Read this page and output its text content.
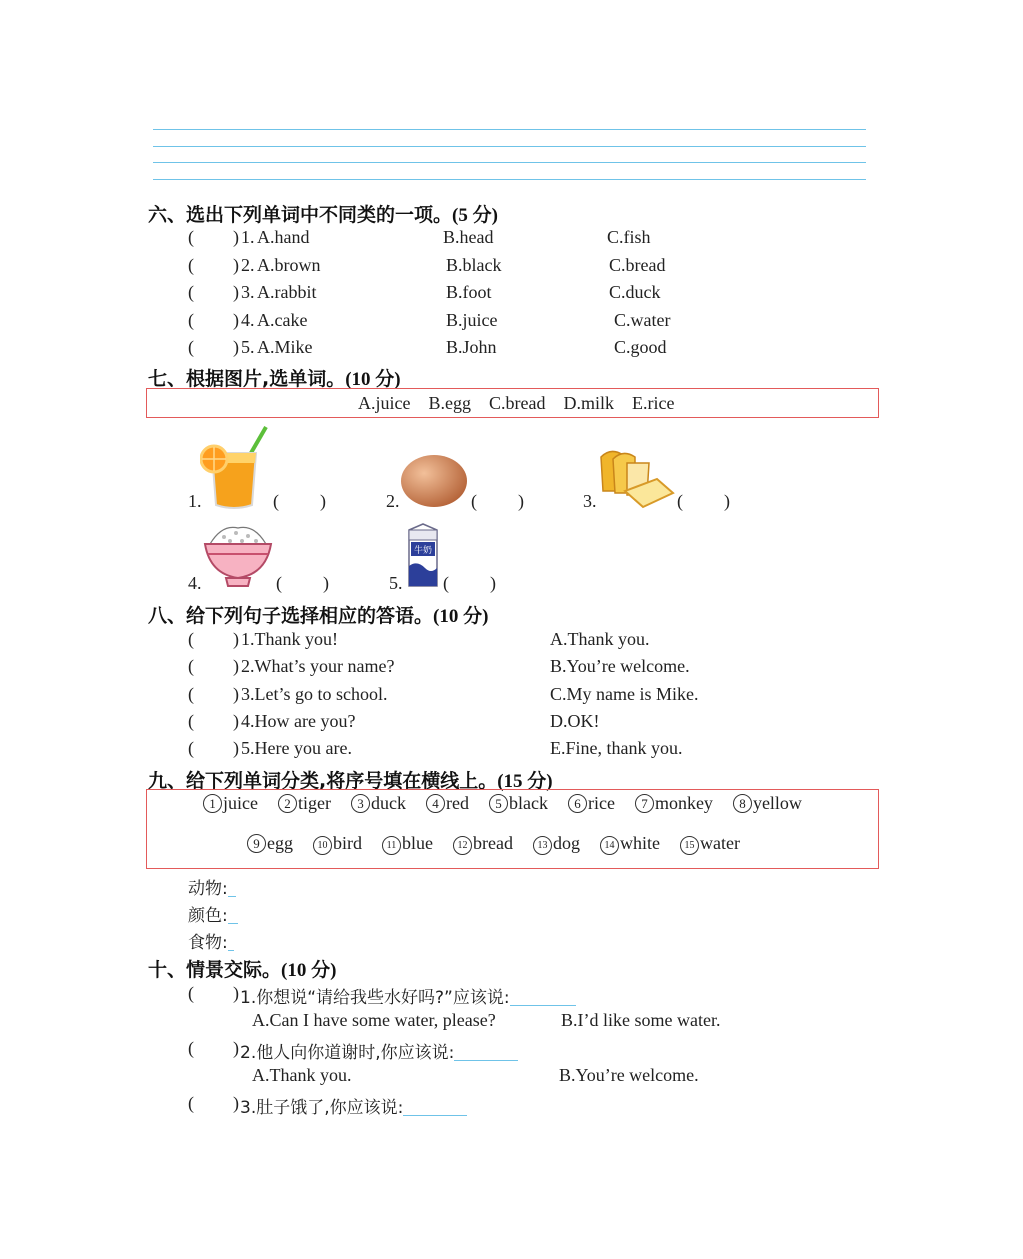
六、选出下列单词中不同类的一项。(5 分)
( ) 1. A.hand	B.head	C.fish
( ) 2. A.brown	B.black	C.bread
( ) 3. A.rabbit	B.foot	C.duck
( ) 4. A.cake	B.juice	C.water
( ) 5. A.Mike	B.John	C.good
七、根据图片,选单词。(10 分)
A.juice B.egg C.bread D.milk E.rice
牛奶
1.	( )	2.	( )	3.	( )
4.	( )	5. ( )
八、给下列句子选择相应的答语。(10 分)
( ) 1.Thank you!	A.Thank you.
( ) 2.What’s your name?	B.You’re welcome.
( ) 3.Let’s go to school.	C.My name is Mike.
( ) 4.How are you?	D.OK!
( ) 5.Here you are.	E.Fine, thank you.
九、给下列单词分类,将序号填在横线上。(15 分)
1 juice 2 tiger 3 duck 4 red 5 black 6 rice 7 monkey 8 yellow
9 egg 10 bird 11 blue 12 bread 13 dog 14 white 15 water
动物:
颜色:
食物:
十、情景交际。(10 分)
( ) 1.你想说“请给我些水好吗?”应该说:
A.Can I have some water, please?	B.I’d like some water.
( ) 2.他人向你道谢时,你应该说:
A.Thank you.	B.You’re welcome.
( ) 3.肚子饿了,你应该说:
